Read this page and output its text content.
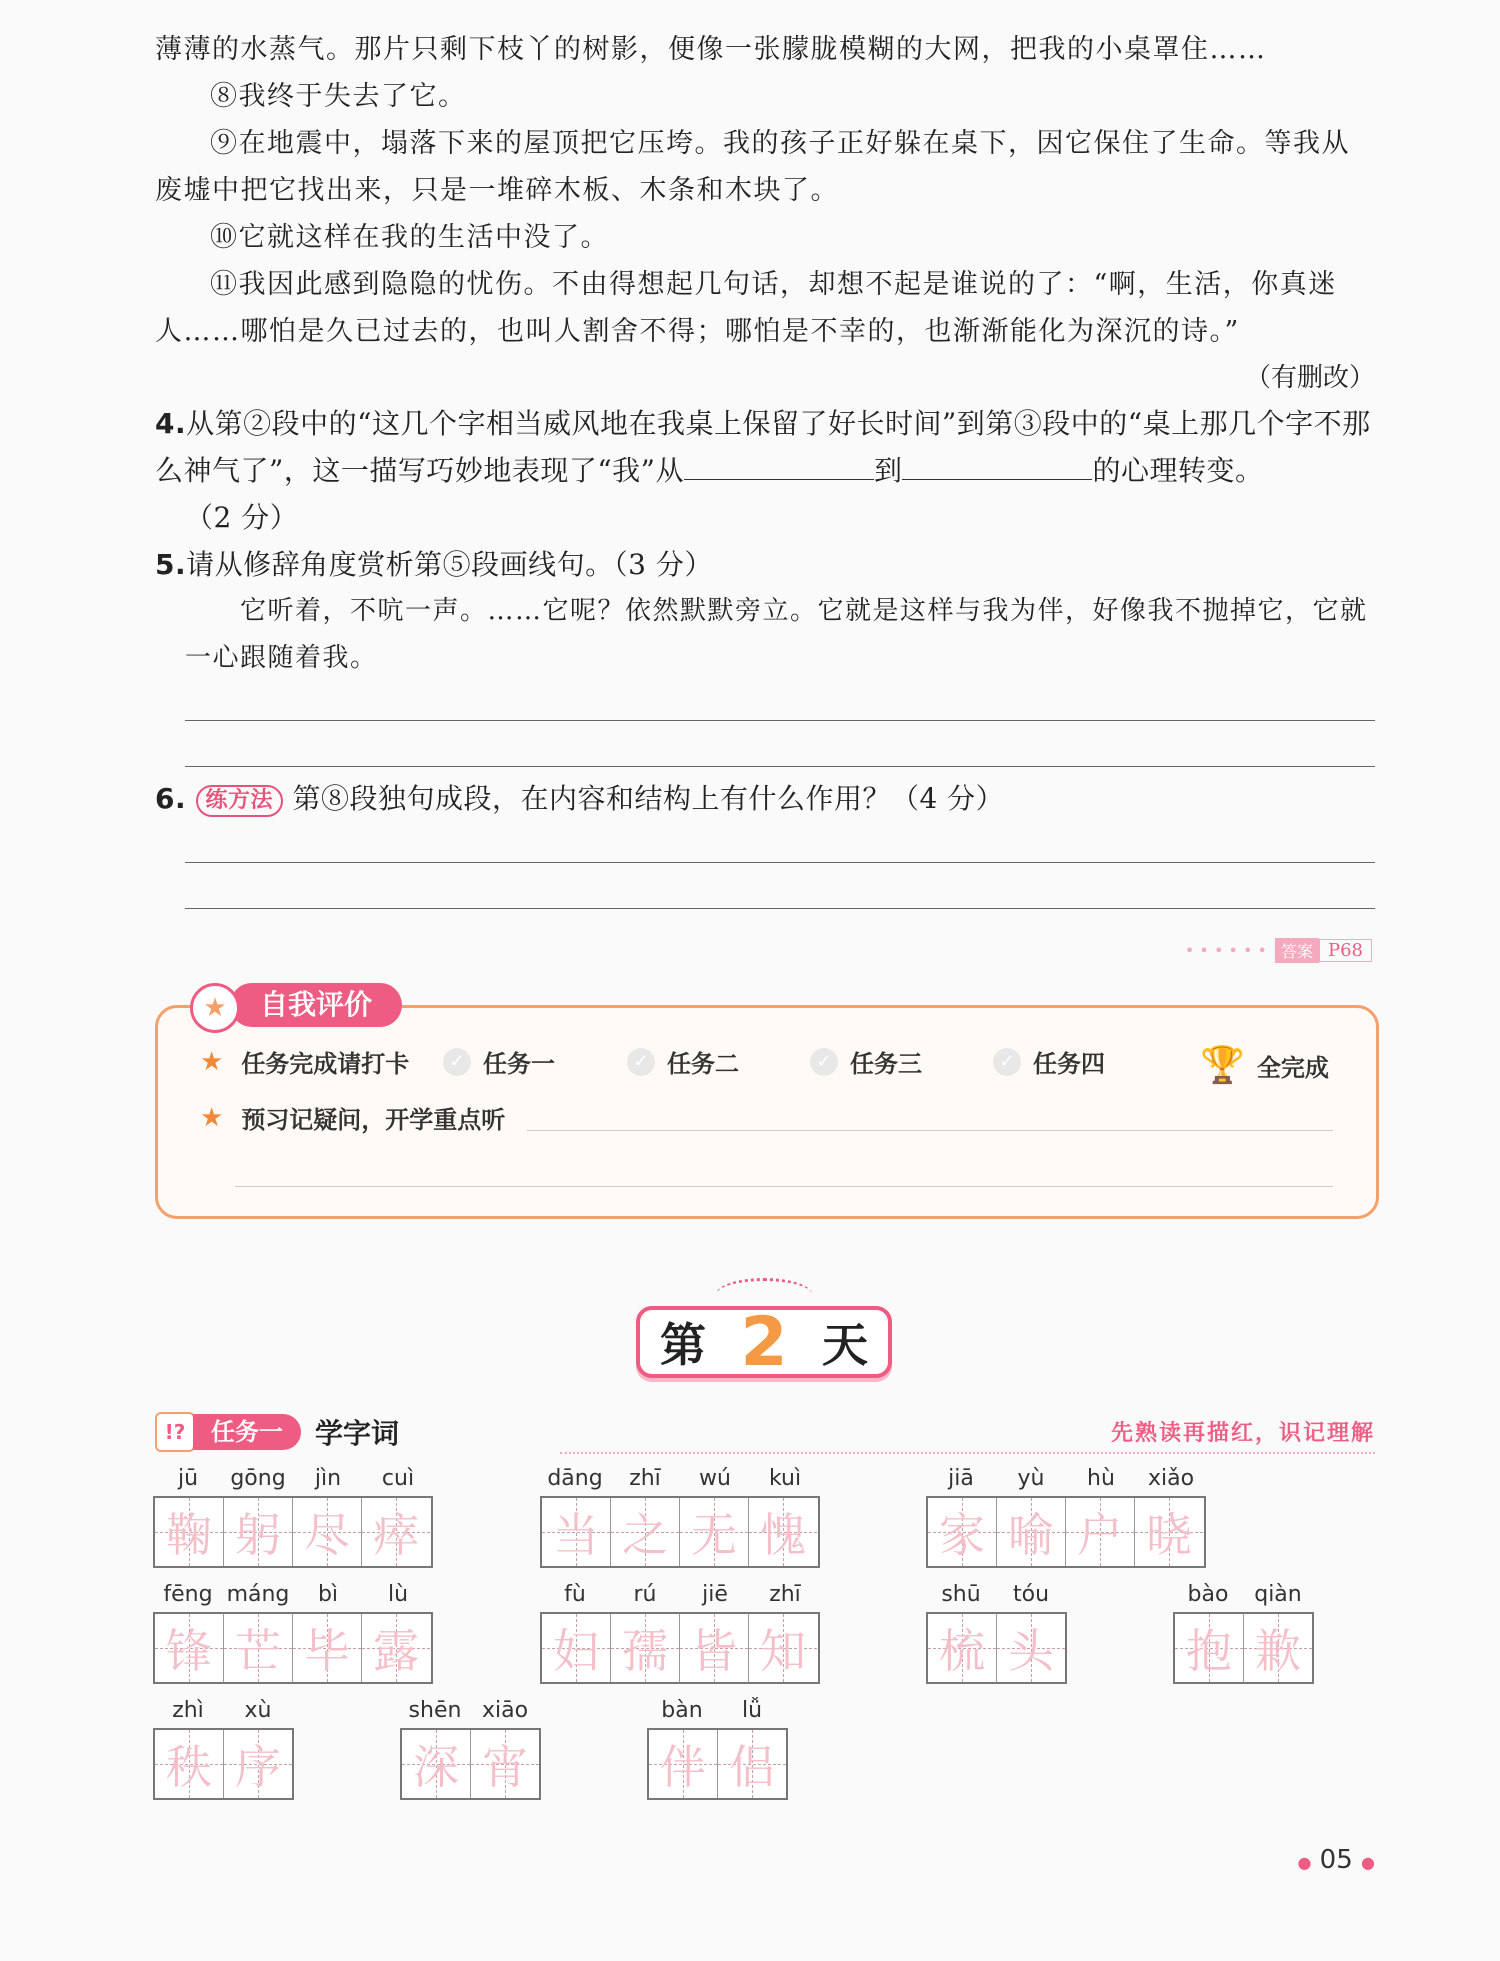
薄薄的水蒸气。那片只剩下枝丫的树影，便像一张朦胧模糊的大网，把我的小桌罩住……
⑧我终于失去了它。
⑨在地震中，塌落下来的屋顶把它压垮。我的孩子正好躲在桌下，因它保住了生命。等我从废墟中把它找出来，只是一堆碎木板、木条和木块了。
⑩它就这样在我的生活中没了。
⑪我因此感到隐隐的忧伤。不由得想起几句话，却想不起是谁说的了：“啊，生活，你真迷人……哪怕是久已过去的，也叫人割舍不得；哪怕是不幸的，也渐渐能化为深沉的诗。”
（有删改）
4.从第②段中的“这几个字相当威风地在我桌上保留了好长时间”到第③段中的“桌上那几个字不那么神气了”，这一描写巧妙地表现了“我”从	到	的心理转变。
（2 分）
5.请从修辞角度赏析第⑤段画线句。（3 分）
它听着，不吭一声。……它呢？依然默默旁立。它就是这样与我为伴，好像我不抛掉它，它就一心跟随着我。
6. 练方法 第⑧段独句成段，在内容和结构上有什么作用？（4 分）
• • • • • • 答案 P68
自我评价
★
★ 任务完成请打卡	✓ 任务一	✓ 任务二	✓ 任务三	✓ 任务四	🏆 全完成
★ 预习记疑问，开学重点听
第 2 天
!?	任务一	学字词	先熟读再描红，识记理解
jū	gōng	jìn	cuì
鞠 躬 尽 瘁
dāng	zhī	wú	kuì
当 之 无 愧
jiā	yù	hù	xiǎo
家 喻 户 晓
fēng máng	bì	lù
锋 芒 毕 露
fù	rú	jiē	zhī
妇 孺 皆 知
shū	tóu
梳 头
bào	qiàn
抱 歉
zhì	xù
秩 序
shēn xiāo
深 宵
bàn	lǚ
伴 侣
● 05 ●
